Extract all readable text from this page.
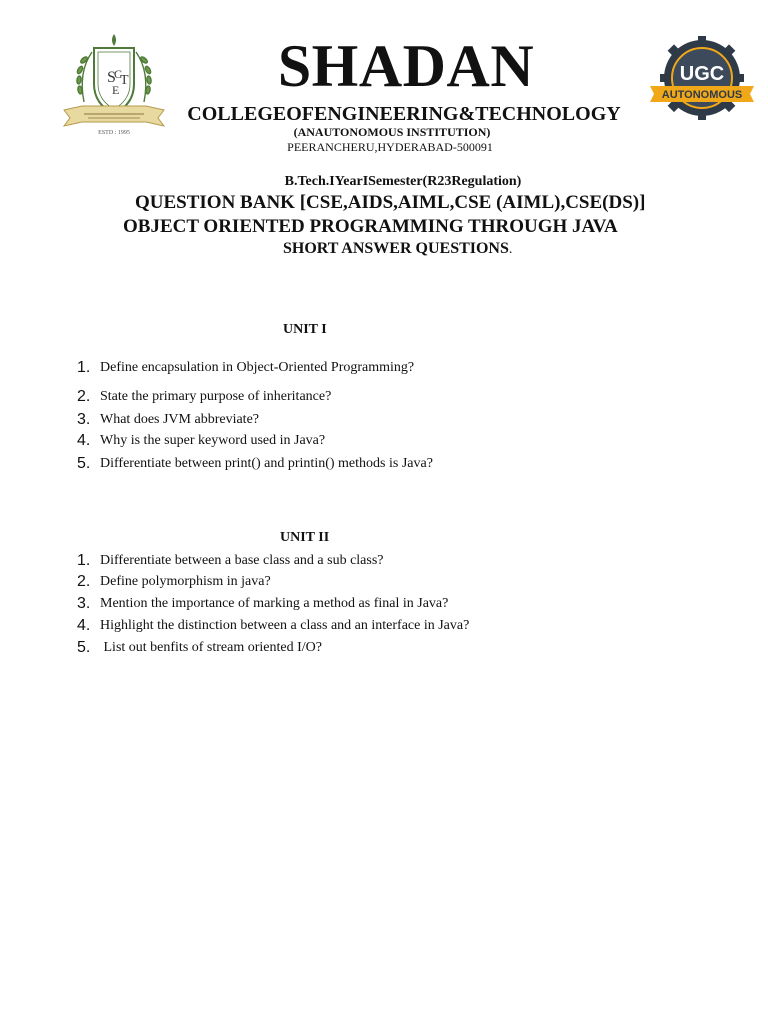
S
C
T
E
ESTD : 1995
UGC
AUTONOMOUS
SHADAN
COLLEGEOFENGINEERING&TECHNOLOGY
(ANAUTONOMOUS INSTITUTION)
PEERANCHERU,HYDERABAD-500091
B.Tech.IYearISemester(R23Regulation)
QUESTION BANK [CSE,AIDS,AIML,CSE (AIML),CSE(DS)]
OBJECT ORIENTED PROGRAMMING THROUGH JAVA
SHORT ANSWER QUESTIONS.
UNIT I
1. Define encapsulation in Object-Oriented Programming?
2. State the primary purpose of inheritance?
3. What does JVM abbreviate?
4. Why is the super keyword used in Java?
5. Differentiate between print() and printin() methods is Java?
UNIT II
1. Differentiate between a base class and a sub class?
2. Define polymorphism in java?
3. Mention the importance of marking a method as final in Java?
4. Highlight the distinction between a class and an interface in Java?
5. List out benfits of stream oriented I/O?
